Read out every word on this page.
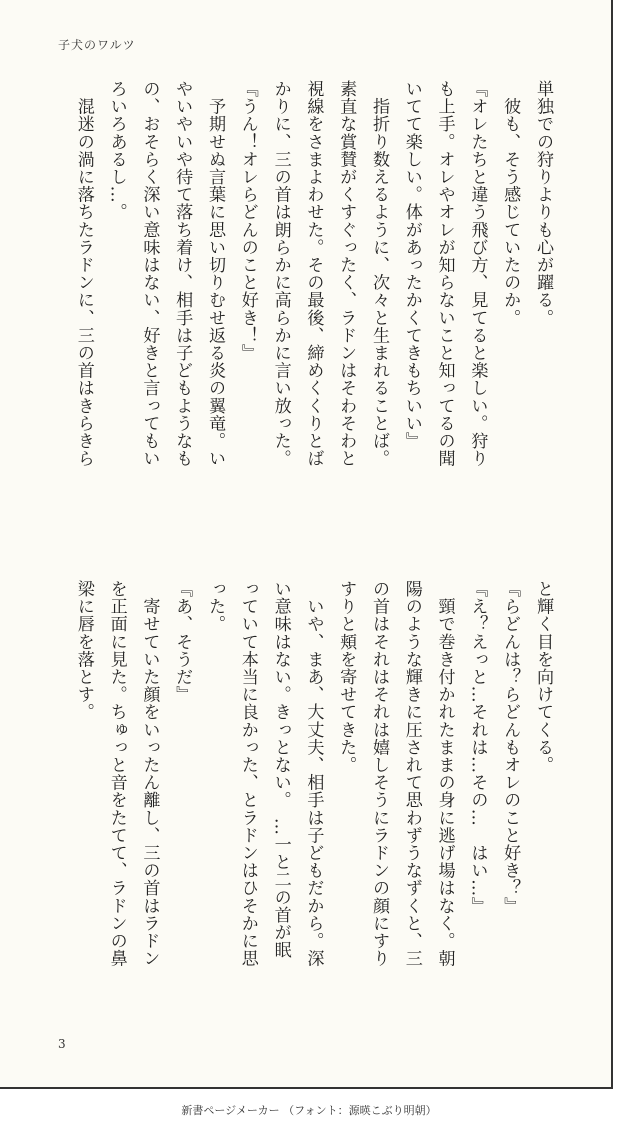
子犬のワルツ

単独での狩りよりも心が躍る。

　彼も、そう感じていたのか。

『オレたちと違う飛び方、見てると楽しい。狩り

も上手。オレやオレが知らないこと知ってるの聞

いてて楽しい。体があったかくてきもちいい』

　指折り数えるように、次々と生まれることば。

素直な賞賛がくすぐったく、ラドンはそわそわと

視線をさまよわせた。その最後、締めくくりとば

かりに、三の首は朗らかに高らかに言い放った。

『うん！オレらどんのこと好き！』

　予期せぬ言葉に思い切りむせ返る炎の翼竜。い

やいやいや待て落ち着け、相手は子どもようなも

の、おそらく深い意味はない、好きと言ってもい

ろいろあるし…。

　混迷の渦に落ちたラドンに、三の首はきらきら

と輝く目を向けてくる。

『らどんは？らどんもオレのこと好き？』

『え？えっと…それは…その…　はい…』

　頸で巻き付かれたままの身に逃げ場はなく。朝

陽のような輝きに圧されて思わずうなずくと、三

の首はそれはそれは嬉しそうにラドンの顔にすり

すりと頬を寄せてきた。

　いや、まあ、大丈夫、相手は子どもだから。深

い意味はない。きっとない。　…一と二の首が眠

っていて本当に良かった、とラドンはひそかに思

った。

『あ、そうだ』

　寄せていた顔をいったん離し、三の首はラドン

を正面に見た。ちゅっと音をたてて、ラドンの鼻

梁に唇を落とす。

3
新書ページメーカー （フォント：源暎こぶり明朝）
